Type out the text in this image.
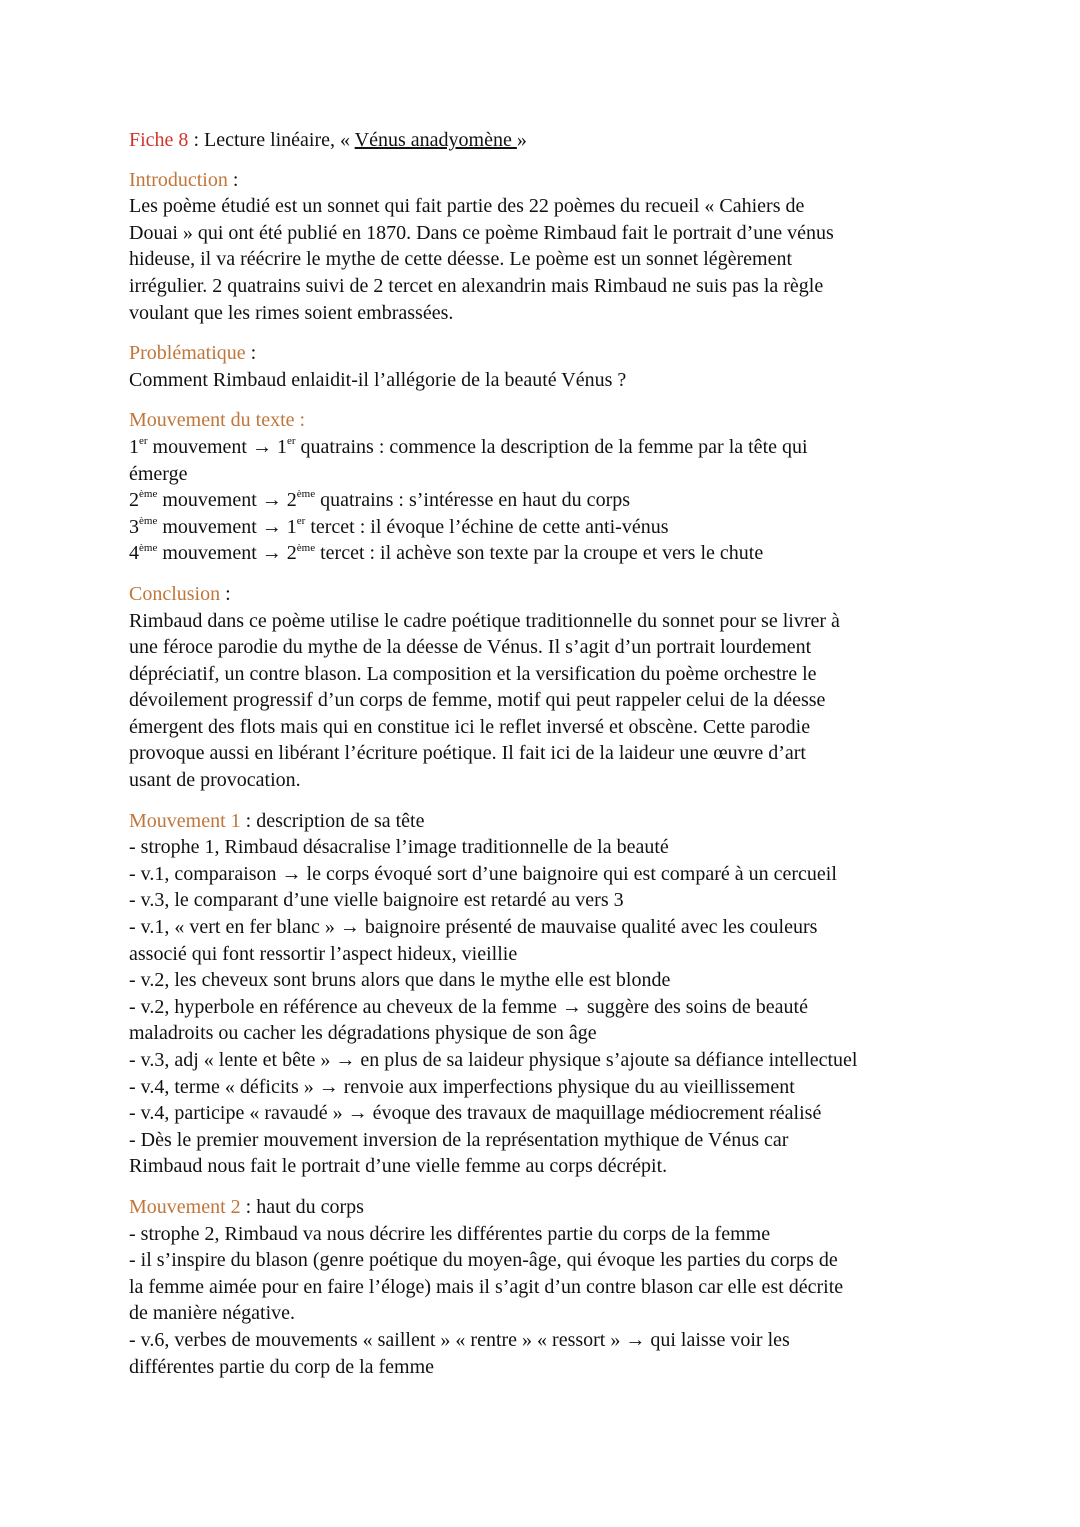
Fiche 8 : Lecture linéaire, « Vénus anadyomène »
Introduction :
Les poème étudié est un sonnet qui fait partie des 22 poèmes du recueil « Cahiers de
Douai » qui ont été publié en 1870. Dans ce poème Rimbaud fait le portrait d’une vénus
hideuse, il va réécrire le mythe de cette déesse. Le poème est un sonnet légèrement
irrégulier. 2 quatrains suivi de 2 tercet en alexandrin mais Rimbaud ne suis pas la règle
voulant que les rimes soient embrassées.
Problématique :
Comment Rimbaud enlaidit-il l’allégorie de la beauté Vénus ?
Mouvement du texte :
1er mouvement → 1er quatrains : commence la description de la femme par la tête qui
émerge
2ème mouvement → 2ème quatrains : s’intéresse en haut du corps
3ème mouvement → 1er tercet : il évoque l’échine de cette anti-vénus
4ème mouvement → 2ème tercet : il achève son texte par la croupe et vers le chute
Conclusion :
Rimbaud dans ce poème utilise le cadre poétique traditionnelle du sonnet pour se livrer à
une féroce parodie du mythe de la déesse de Vénus. Il s’agit d’un portrait lourdement
dépréciatif, un contre blason. La composition et la versification du poème orchestre le
dévoilement progressif d’un corps de femme, motif qui peut rappeler celui de la déesse
émergent des flots mais qui en constitue ici le reflet inversé et obscène. Cette parodie
provoque aussi en libérant l’écriture poétique. Il fait ici de la laideur une œuvre d’art
usant de provocation.
Mouvement 1 : description de sa tête
- strophe 1, Rimbaud désacralise l’image traditionnelle de la beauté
- v.1, comparaison → le corps évoqué sort d’une baignoire qui est comparé à un cercueil
- v.3, le comparant d’une vielle baignoire est retardé au vers 3
- v.1, « vert en fer blanc » → baignoire présenté de mauvaise qualité avec les couleurs
associé qui font ressortir l’aspect hideux, vieillie
- v.2, les cheveux sont bruns alors que dans le mythe elle est blonde
- v.2, hyperbole en référence au cheveux de la femme → suggère des soins de beauté
maladroits ou cacher les dégradations physique de son âge
- v.3, adj « lente et bête » → en plus de sa laideur physique s’ajoute sa défiance intellectuel
- v.4, terme « déficits » → renvoie aux imperfections physique du au vieillissement
- v.4, participe « ravaudé » → évoque des travaux de maquillage médiocrement réalisé
- Dès le premier mouvement inversion de la représentation mythique de Vénus car
Rimbaud nous fait le portrait d’une vielle femme au corps décrépit.
Mouvement 2 : haut du corps
- strophe 2, Rimbaud va nous décrire les différentes partie du corps de la femme
- il s’inspire du blason (genre poétique du moyen-âge, qui évoque les parties du corps de
la femme aimée pour en faire l’éloge) mais il s’agit d’un contre blason car elle est décrite
de manière négative.
- v.6, verbes de mouvements « saillent » « rentre » « ressort » → qui laisse voir les
différentes partie du corp de la femme
